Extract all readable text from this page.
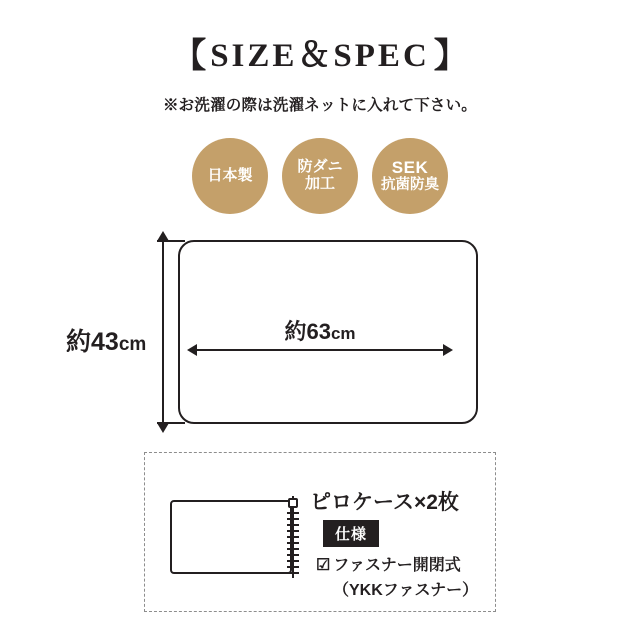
【 SIZE＆SPEC 】
※お洗濯の際は洗濯ネットに入れて下さい。
日本製	防ダニ
加工
SEK
抗菌防臭
約43cm
約63cm
ピロケース×2枚
仕様
☑ ファスナー開閉式
（YKKファスナー）
